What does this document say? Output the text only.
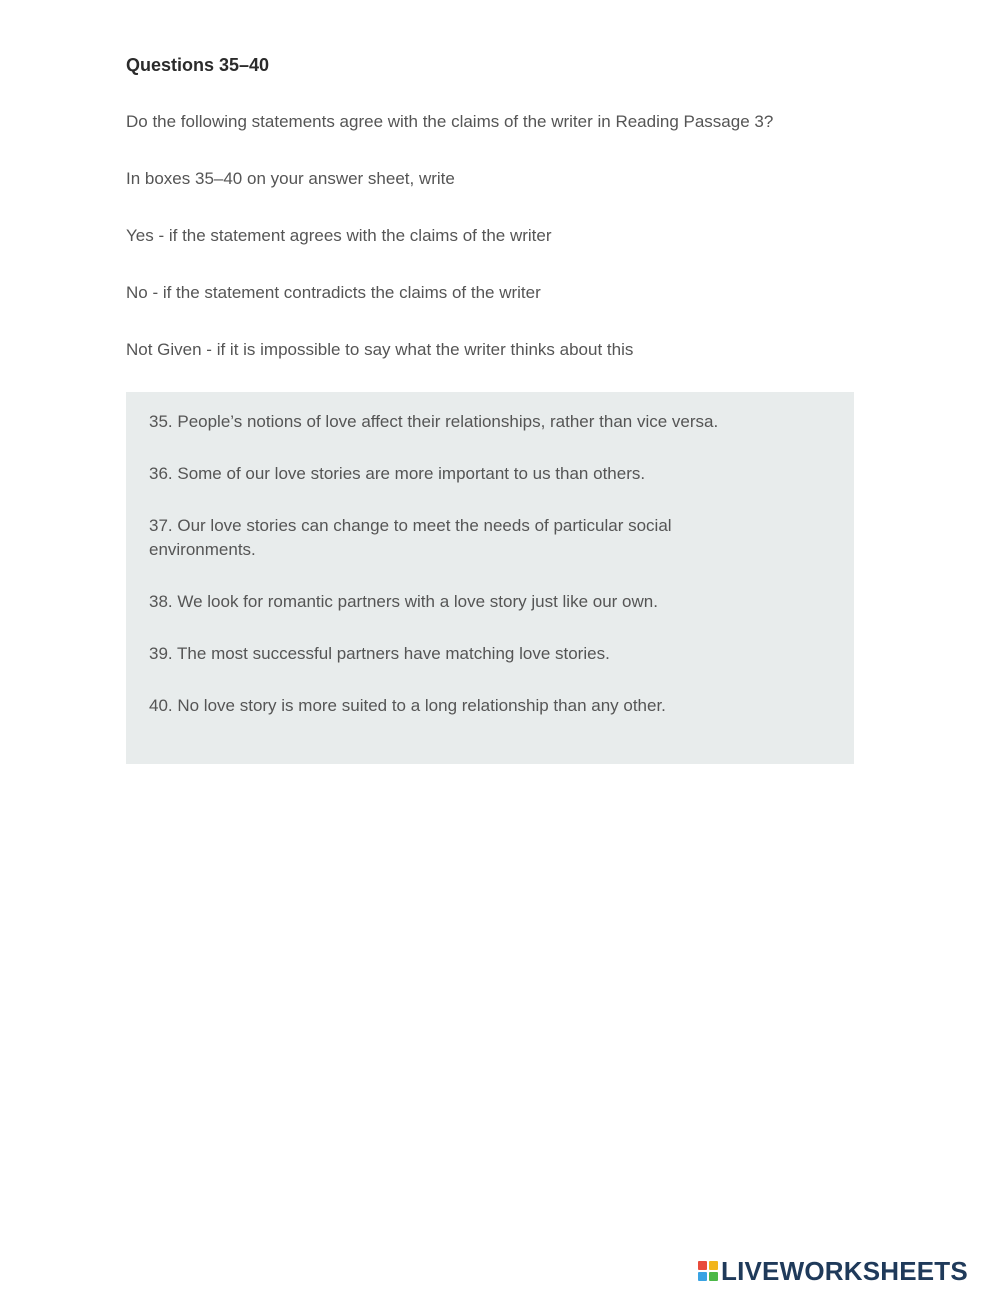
Questions 35–40

Do the following statements agree with the claims of the writer in Reading Passage 3?

In boxes 35–40 on your answer sheet, write

Yes - if the statement agrees with the claims of the writer

No - if the statement contradicts the claims of the writer

Not Given - if it is impossible to say what the writer thinks about this

35. People’s notions of love affect their relationships, rather than vice versa.

36. Some of our love stories are more important to us than others.

37. Our love stories can change to meet the needs of particular social environments.

38. We look for romantic partners with a love story just like our own.

39. The most successful partners have matching love stories.

40. No love story is more suited to a long relationship than any other.

LIVEWORKSHEETS
